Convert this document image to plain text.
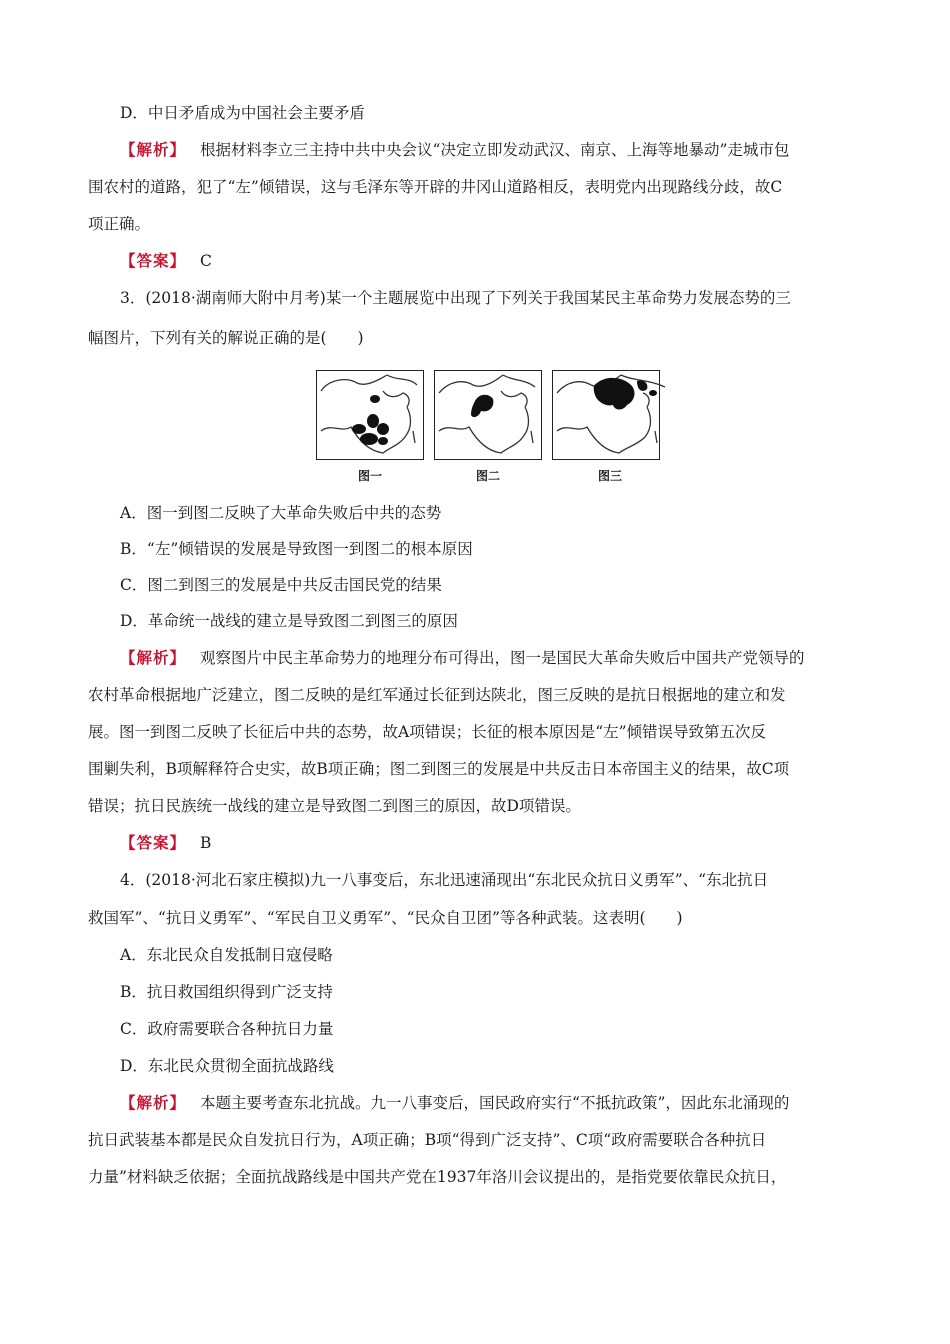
D．中日矛盾成为中国社会主要矛盾
【解析】 根据材料李立三主持中共中央会议“决定立即发动武汉、南京、上海等地暴动”走城市包
围农村的道路，犯了“左”倾错误，这与毛泽东等开辟的井冈山道路相反，表明党内出现路线分歧，故C
项正确。
【答案】 C
3．(2018·湖南师大附中月考)某一个主题展览中出现了下列关于我国某民主革命势力发展态势的三
幅图片，下列有关的解说正确的是(　　)
图一	图二	图三
A．图一到图二反映了大革命失败后中共的态势
B．“左”倾错误的发展是导致图一到图二的根本原因
C．图二到图三的发展是中共反击国民党的结果
D．革命统一战线的建立是导致图二到图三的原因
【解析】 观察图片中民主革命势力的地理分布可得出，图一是国民大革命失败后中国共产党领导的
农村革命根据地广泛建立，图二反映的是红军通过长征到达陕北，图三反映的是抗日根据地的建立和发
展。图一到图二反映了长征后中共的态势，故A项错误；长征的根本原因是“左”倾错误导致第五次反
围剿失利，B项解释符合史实，故B项正确；图二到图三的发展是中共反击日本帝国主义的结果，故C项
错误；抗日民族统一战线的建立是导致图二到图三的原因，故D项错误。
【答案】 B
4．(2018·河北石家庄模拟)九一八事变后，东北迅速涌现出“东北民众抗日义勇军”、“东北抗日
救国军”、“抗日义勇军”、“军民自卫义勇军”、“民众自卫团”等各种武装。这表明(　　)
A．东北民众自发抵制日寇侵略
B．抗日救国组织得到广泛支持
C．政府需要联合各种抗日力量
D．东北民众贯彻全面抗战路线
【解析】 本题主要考查东北抗战。九一八事变后，国民政府实行“不抵抗政策”，因此东北涌现的
抗日武装基本都是民众自发抗日行为，A项正确；B项“得到广泛支持”、C项“政府需要联合各种抗日
力量”材料缺乏依据；全面抗战路线是中国共产党在1937年洛川会议提出的，是指党要依靠民众抗日，
